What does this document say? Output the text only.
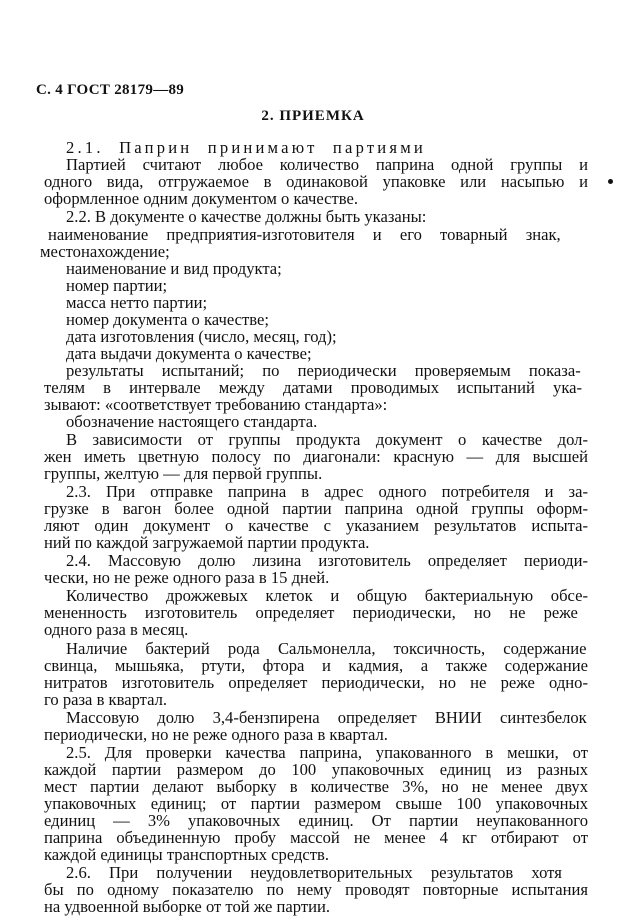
С. 4 ГОСТ 28179—89
2. ПРИЕМКА
2.1. Паприн принимают партиями
Партией считают любое количество паприна одной группы и
одного вида, отгружаемое в одинаковой упаковке или насыпью и
оформленное одним документом о качестве.
2.2. В документе о качестве должны быть указаны:
наименование предприятия-изготовителя и его товарный знак,
местонахождение;
наименование и вид продукта;
номер партии;
масса нетто партии;
номер документа о качестве;
дата изготовления (число, месяц, год);
дата выдачи документа о качестве;
результаты испытаний; по периодически проверяемым показа-
телям в интервале между датами проводимых испытаний ука-
зывают: «соответствует требованию стандарта»:
обозначение настоящего стандарта.
В зависимости от группы продукта документ о качестве дол-
жен иметь цветную полосу по диагонали: красную — для высшей
группы, желтую — для первой группы.
2.3. При отправке паприна в адрес одного потребителя и за-
грузке в вагон более одной партии паприна одной группы оформ-
ляют один документ о качестве с указанием результатов испыта-
ний по каждой загружаемой партии продукта.
2.4. Массовую долю лизина изготовитель определяет периоди-
чески, но не реже одного раза в 15 дней.
Количество дрожжевых клеток и общую бактериальную обсе-
мененность изготовитель определяет периодически, но не реже
одного раза в месяц.
Наличие бактерий рода Сальмонелла, токсичность, содержание
свинца, мышьяка, ртути, фтора и кадмия, а также содержание
нитратов изготовитель определяет периодически, но не реже одно-
го раза в квартал.
Массовую долю 3,4-бензпирена определяет ВНИИ синтезбелок
периодически, но не реже одного раза в квартал.
2.5. Для проверки качества паприна, упакованного в мешки, от
каждой партии размером до 100 упаковочных единиц из разных
мест партии делают выборку в количестве 3%, но не менее двух
упаковочных единиц; от партии размером свыше 100 упаковочных
единиц — 3% упаковочных единиц. От партии неупакованного
паприна объединенную пробу массой не менее 4 кг отбирают от
каждой единицы транспортных средств.
2.6. При получении неудовлетворительных результатов хотя
бы по одному показателю по нему проводят повторные испытания
на удвоенной выборке от той же партии.
